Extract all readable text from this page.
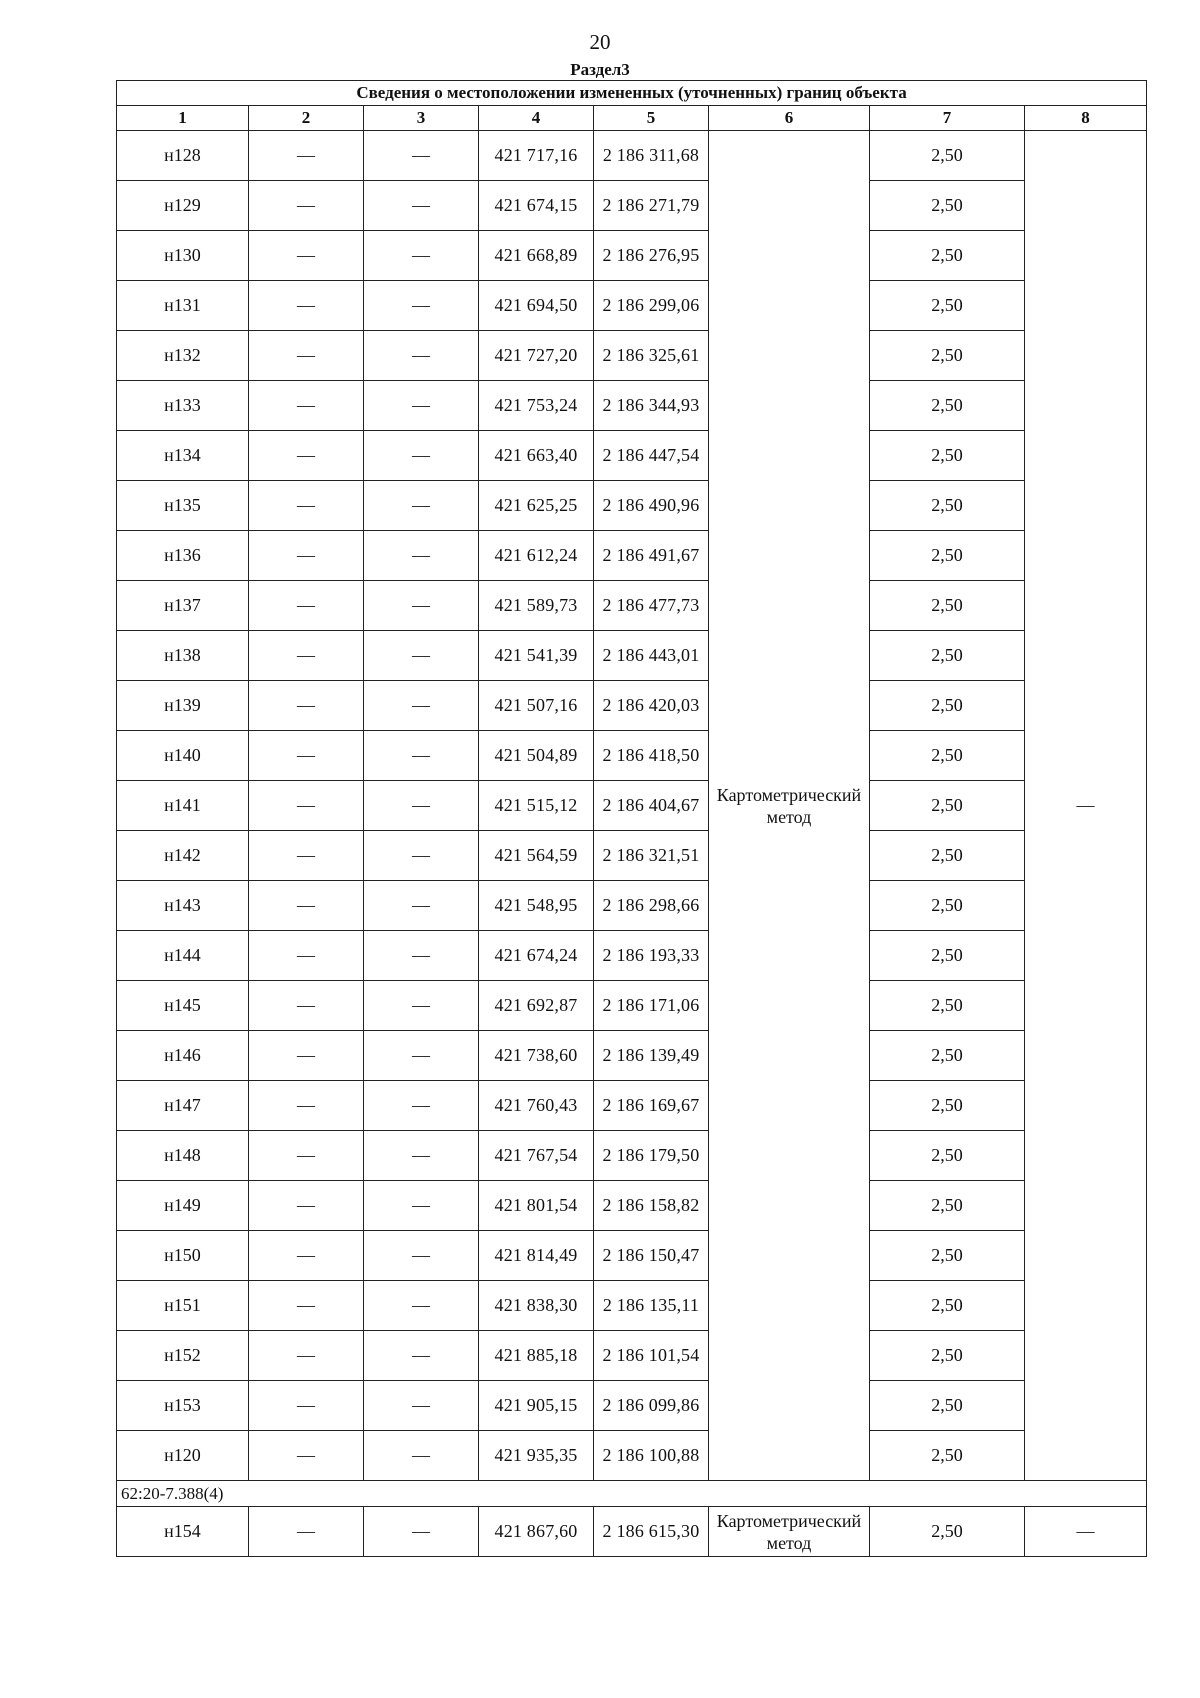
20
Раздел3
Сведения о местоположении измененных (уточненных) границ объекта							
1	2	3	4	5	6	7	8
н128	—	—	421 717,16	2 186 311,68	Картометрический метод	2,50	—
н129	—	—	421 674,15	2 186 271,79		2,50	
н130	—	—	421 668,89	2 186 276,95		2,50	
н131	—	—	421 694,50	2 186 299,06		2,50	
н132	—	—	421 727,20	2 186 325,61		2,50	
н133	—	—	421 753,24	2 186 344,93		2,50	
н134	—	—	421 663,40	2 186 447,54		2,50	
н135	—	—	421 625,25	2 186 490,96		2,50	
н136	—	—	421 612,24	2 186 491,67		2,50	
н137	—	—	421 589,73	2 186 477,73		2,50	
н138	—	—	421 541,39	2 186 443,01		2,50	
н139	—	—	421 507,16	2 186 420,03		2,50	
н140	—	—	421 504,89	2 186 418,50		2,50	
н141	—	—	421 515,12	2 186 404,67		2,50	
н142	—	—	421 564,59	2 186 321,51		2,50	
н143	—	—	421 548,95	2 186 298,66		2,50	
н144	—	—	421 674,24	2 186 193,33		2,50	
н145	—	—	421 692,87	2 186 171,06		2,50	
н146	—	—	421 738,60	2 186 139,49		2,50	
н147	—	—	421 760,43	2 186 169,67		2,50	
н148	—	—	421 767,54	2 186 179,50		2,50	
н149	—	—	421 801,54	2 186 158,82		2,50	
н150	—	—	421 814,49	2 186 150,47		2,50	
н151	—	—	421 838,30	2 186 135,11		2,50	
н152	—	—	421 885,18	2 186 101,54		2,50	
н153	—	—	421 905,15	2 186 099,86		2,50	
н120	—	—	421 935,35	2 186 100,88		2,50	
62:20-7.388(4)							
н154	—	—	421 867,60	2 186 615,30	Картометрический метод	2,50	—
